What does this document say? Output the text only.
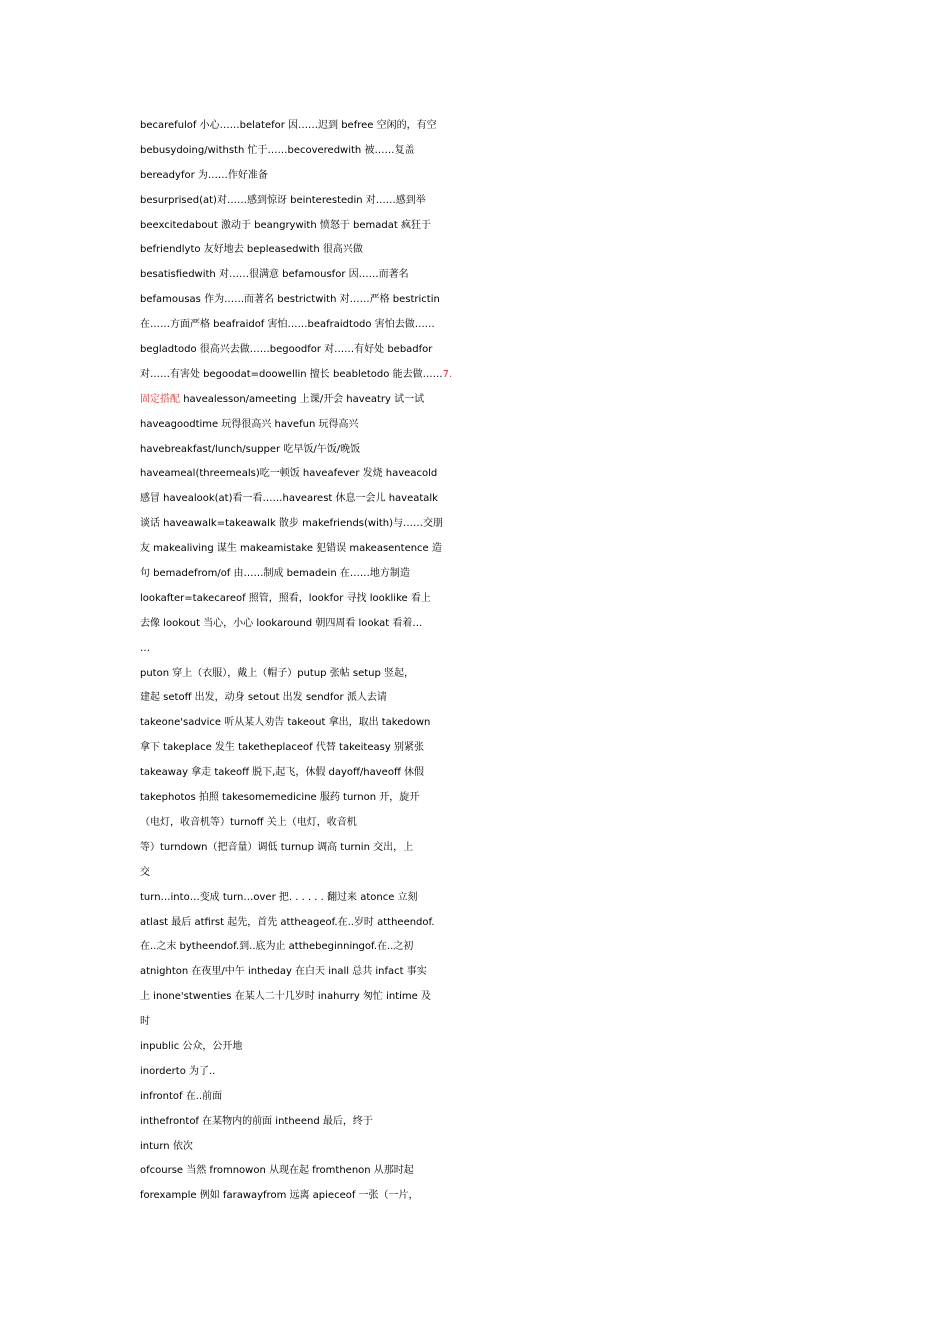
becarefulof 小心……belatefor 因……迟到 befree 空闲的，有空
bebusydoing/withsth 忙于……becoveredwith 被……复盖
bereadyfor 为……作好准备
besurprised(at)对……感到惊讶 beinterestedin 对……感到举
beexcitedabout 激动于 beangrywith 愤怒于 bemadat 疯狂于
befriendlyto 友好地去 bepleasedwith 很高兴做
besatisfiedwith 对……很满意 befamousfor 因……而著名
befamousas 作为……而著名 bestrictwith 对……严格 bestrictin
在……方面严格 beafraidof 害怕……beafraidtodo 害怕去做……
begladtodo 很高兴去做……begoodfor 对……有好处 bebadfor
对……有害处 begoodat=doowellin 擅长 beabletodo 能去做……7.
固定搭配 havealesson/ameeting 上课/开会 haveatry 试一试
haveagoodtime 玩得很高兴 havefun 玩得高兴
havebreakfast/lunch/supper 吃早饭/午饭/晚饭
haveameal(threemeals)吃一顿饭 haveafever 发烧 haveacold
感冒 havealook(at)看一看……havearest 休息一会儿 haveatalk
谈话 haveawalk=takeawalk 散步 makefriends(with)与……交朋
友 makealiving 谋生 makeamistake 犯错误 makeasentence 造
句 bemadefrom/of 由……制成 bemadein 在……地方制造
lookafter=takecareof 照管，照看，lookfor 寻找 looklike 看上
去像 lookout 当心，小心 lookaround 朝四周看 lookat 看着…
…
puton 穿上（衣服），戴上（帽子）putup 张帖 setup 竖起，
建起 setoff 出发，动身 setout 出发 sendfor 派人去请
takeone'sadvice 听从某人劝告 takeout 拿出，取出 takedown
拿下 takeplace 发生 taketheplaceof 代替 takeiteasy 别紧张
takeaway 拿走 takeoff 脱下,起飞，休假 dayoff/haveoff 休假
takephotos 拍照 takesomemedicine 服药 turnon 开，旋开
（电灯，收音机等）turnoff 关上（电灯，收音机
等）turndown（把音量）调低 turnup 调高 turnin 交出，上
交
turn…into…变成 turn…over 把. . . . . . 翻过来 atonce 立刻
atlast 最后 atfirst 起先，首先 attheageof.在..岁时 attheendof.
在..之末 bytheendof.到..底为止 atthebeginningof.在..之初
atnighton 在夜里/中午 intheday 在白天 inall 总共 infact 事实
上 inone'stwenties 在某人二十几岁时 inahurry 匆忙 intime 及
时
inpublic 公众，公开地
inorderto 为了..
infrontof 在..前面
inthefrontof 在某物内的前面 intheend 最后，终于
inturn 依次
ofcourse 当然 fromnowon 从现在起 fromthenon 从那时起
forexample 例如 farawayfrom 远离 apieceof 一张（一片，
